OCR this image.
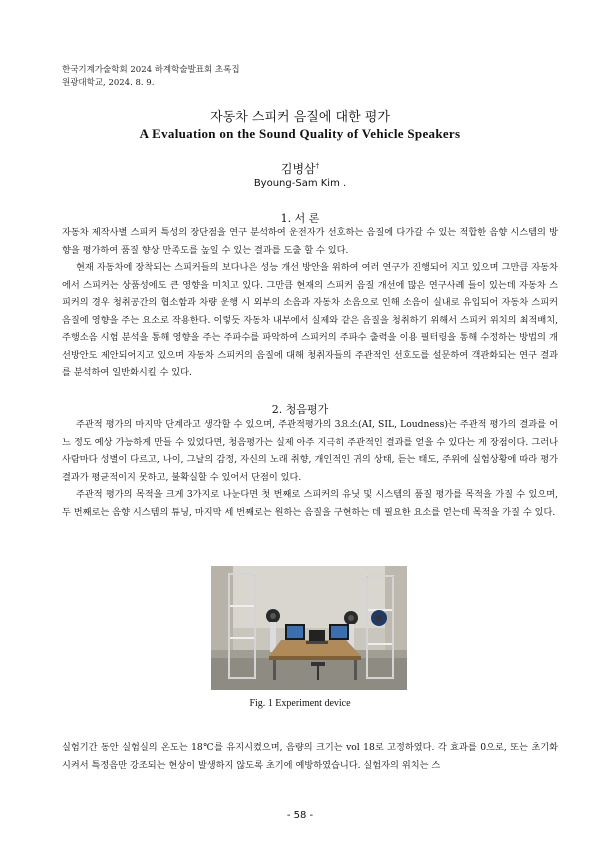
한국기계가술학회 2024 하계학술발표회 초록집
원광대학교, 2024. 8. 9.
자동차 스피커 음질에 대한 평가
A Evaluation on the Sound Quality of Vehicle Speakers
김병삼†
Byoung-Sam Kim .
1. 서 론

자동차 제작사별 스피커 특성의 장단점을 연구 분석하여 운전자가 선호하는 음질에 다가갈 수 있는 적합한 음향 시스템의 방향을 평가하여 품질 향상 만족도를 높일 수 있는 결과를 도출 할 수 있다.

현재 자동차에 장착되는 스피커들의 보다나은 성능 개선 방안을 위하여 여러 연구가 진행되어 지고 있으며 그만큼 자동차에서 스피커는 상품성에도 큰 영향을 미치고 있다. 그만큼 현재의 스피커 음질 개선에 많은 연구사례 들이 있는데 자동차 스피커의 경우 청취공간의 협소함과 차량 운행 시 외부의 소음과 자동차 소음으로 인해 소음이 실내로 유입되어 자동차 스피커 음질에 영향을 주는 요소로 작용한다. 이렇듯 자동차 내부에서 실제와 같은 음질을 청취하기 위해서 스피커 위치의 최적배치, 주행소음 시험 분석을 통해 영향을 주는 주파수를 파악하여 스피커의 주파수 출력을 이용 필터링을 통해 수정하는 방법의 개선방안도 제안되어지고 있으며 자동차 스피커의 음질에 대해 청취자들의 주관적인 선호도를 설문하여 객관화되는 연구 결과를 분석하여 일반화시킬 수 있다.

2. 청음평가

주관적 평가의 마지막 단계라고 생각할 수 있으며, 주관적평가의 3요소(AI, SIL, Loudness)는 주관적 평가의 결과를 어느 정도 예상 가능하게 만들 수 있었다면, 청음평가는 실제 아주 지극히 주관적인 결과를 얻을 수 있다는 게 장점이다. 그러나 사람마다 성별이 다르고, 나이, 그날의 감정, 자신의 노래 취향, 개인적인 귀의 상태, 듣는 태도, 주위에 실험상황에 따라 평가결과가 평균적이지 못하고, 불확실할 수 있어서 단점이 있다.

주관적 평가의 목적을 크게 3가지로 나눈다면 첫 번째로 스피커의 유닛 및 시스템의 품질 평가를 목적을 가질 수 있으며, 두 번째로는 음향 시스템의 튜닝, 마지막 세 번째로는 원하는 음질을 구현하는 데 필요한 요소를 얻는데 목적을 가질 수 있다.

Fig. 1 Experiment device

실험기간 동안 실험실의 온도는 18℃를 유지시켰으며, 음량의 크기는 vol 18로 고정하였다. 각 효과를 0으로, 또는 초기화 시켜서 특정음만 강조되는 현상이 발생하지 않도록 초기에 예방하였습니다. 실험자의 위치는 스

- 58 -
